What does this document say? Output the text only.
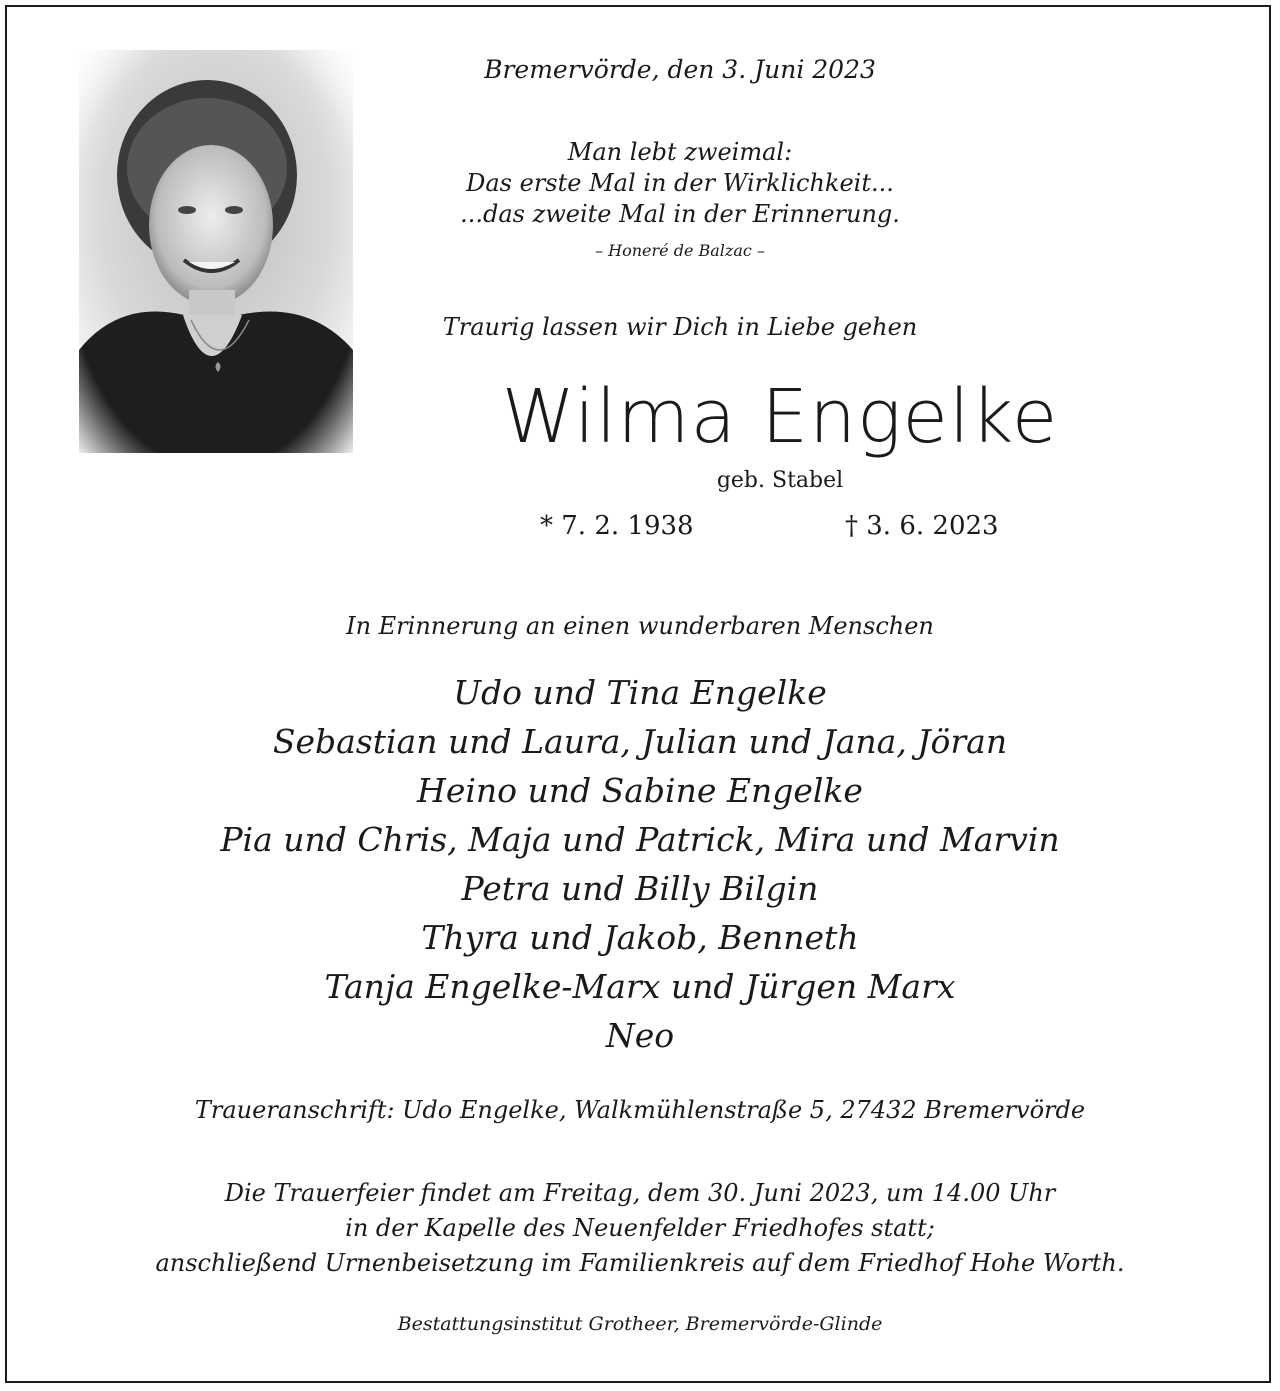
Bremervörde, den 3. Juni 2023
Man lebt zweimal:
Das erste Mal in der Wirklichkeit...
...das zweite Mal in der Erinnerung.
– Honeré de Balzac –
Traurig lassen wir Dich in Liebe gehen
Wilma Engelke
geb. Stabel
* 7. 2. 1938	† 3. 6. 2023
In Erinnerung an einen wunderbaren Menschen
Udo und Tina Engelke
Sebastian und Laura, Julian und Jana, Jöran
Heino und Sabine Engelke
Pia und Chris, Maja und Patrick, Mira und Marvin
Petra und Billy Bilgin
Thyra und Jakob, Benneth
Tanja Engelke-Marx und Jürgen Marx
Neo
Traueranschrift: Udo Engelke, Walkmühlenstraße 5, 27432 Bremervörde
Die Trauerfeier findet am Freitag, dem 30. Juni 2023, um 14.00 Uhr
in der Kapelle des Neuenfelder Friedhofes statt;
anschließend Urnenbeisetzung im Familienkreis auf dem Friedhof Hohe Worth.
Bestattungsinstitut Grotheer, Bremervörde-Glinde
